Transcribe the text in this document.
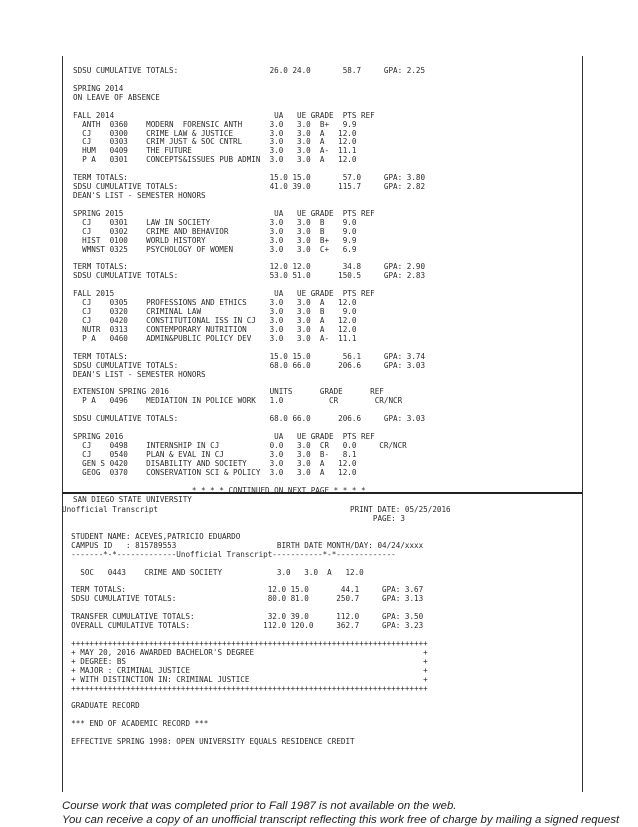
SDSU CUMULATIVE TOTALS:                    26.0 24.0       58.7     GPA: 2.25

SPRING 2014

ON LEAVE OF ABSENCE

FALL 2014                                   UA   UE GRADE  PTS REF

ANTH  0360    MODERN  FORENSIC ANTH      3.0   3.0  B+   9.9

CJ    0300    CRIME LAW & JUSTICE        3.0   3.0  A   12.0

CJ    0303    CRIM JUST & SOC CNTRL      3.0   3.0  A   12.0

HUM   0409    THE FUTURE                 3.0   3.0  A-  11.1

P A   0301    CONCEPTS&ISSUES PUB ADMIN  3.0   3.0  A   12.0

TERM TOTALS:                               15.0 15.0       57.0     GPA: 3.80

SDSU CUMULATIVE TOTALS:                    41.0 39.0      115.7     GPA: 2.82

DEAN'S LIST - SEMESTER HONORS

SPRING 2015                                 UA   UE GRADE  PTS REF

CJ    0301    LAW IN SOCIETY             3.0   3.0  B    9.0

CJ    0302    CRIME AND BEHAVIOR         3.0   3.0  B    9.0

HIST  0100    WORLD HISTORY              3.0   3.0  B+   9.9

WMNST 0325    PSYCHOLOGY OF WOMEN        3.0   3.0  C+   6.9

TERM TOTALS:                               12.0 12.0       34.8     GPA: 2.90

SDSU CUMULATIVE TOTALS:                    53.0 51.0      150.5     GPA: 2.83

FALL 2015                                   UA   UE GRADE  PTS REF

CJ    0305    PROFESSIONS AND ETHICS     3.0   3.0  A   12.0

CJ    0320    CRIMINAL LAW               3.0   3.0  B    9.0

CJ    0420    CONSTITUTIONAL ISS IN CJ   3.0   3.0  A   12.0

NUTR  0313    CONTEMPORARY NUTRITION     3.0   3.0  A   12.0

P A   0460    ADMIN&PUBLIC POLICY DEV    3.0   3.0  A-  11.1

TERM TOTALS:                               15.0 15.0       56.1     GPA: 3.74

SDSU CUMULATIVE TOTALS:                    68.0 66.0      206.6     GPA: 3.03

DEAN'S LIST - SEMESTER HONORS

EXTENSION SPRING 2016                      UNITS      GRADE      REF

P A   0496    MEDIATION IN POLICE WORK   1.0          CR        CR/NCR

SDSU CUMULATIVE TOTALS:                    68.0 66.0      206.6     GPA: 3.03

SPRING 2016                                 UA   UE GRADE  PTS REF

CJ    0498    INTERNSHIP IN CJ           0.0   3.0  CR   0.0     CR/NCR

CJ    0540    PLAN & EVAL IN CJ          3.0   3.0  B-   8.1

GEN S 0420    DISABILITY AND SOCIETY     3.0   3.0  A   12.0

GEOG  0370    CONSERVATION SCI & POLICY  3.0   3.0  A   12.0

* * * * CONTINUED ON NEXT PAGE * * * *

SAN DIEGO STATE UNIVERSITY

Unofficial Transcript                                          PRINT DATE: 05/25/2016

PAGE: 3

STUDENT NAME: ACEVES,PATRICIO EDUARDO

CAMPUS ID   : 815789553                      BIRTH DATE MONTH/DAY: 04/24/xxxx

-------*-*-------------Unofficial Transcript-----------*-*-------------

SOC   0443    CRIME AND SOCIETY            3.0   3.0  A   12.0

TERM TOTALS:                               12.0 15.0       44.1     GPA: 3.67

SDSU CUMULATIVE TOTALS:                    80.0 81.0      250.7     GPA: 3.13

TRANSFER CUMULATIVE TOTALS:                32.0 39.0      112.0     GPA: 3.50

OVERALL CUMULATIVE TOTALS:                112.0 120.0     362.7     GPA: 3.23

++++++++++++++++++++++++++++++++++++++++++++++++++++++++++++++++++++++++++++++

+ MAY 20, 2016 AWARDED BACHELOR'S DEGREE                                     +

+ DEGREE: BS                                                                 +

+ MAJOR : CRIMINAL JUSTICE                                                   +

+ WITH DISTINCTION IN: CRIMINAL JUSTICE                                      +

++++++++++++++++++++++++++++++++++++++++++++++++++++++++++++++++++++++++++++++

GRADUATE RECORD

*** END OF ACADEMIC RECORD ***

EFFECTIVE SPRING 1998: OPEN UNIVERSITY EQUALS RESIDENCE CREDIT

Course work that was completed prior to Fall 1987 is not available on the web.

You can receive a copy of an unofficial transcript reflecting this work free of charge by mailing a signed request
